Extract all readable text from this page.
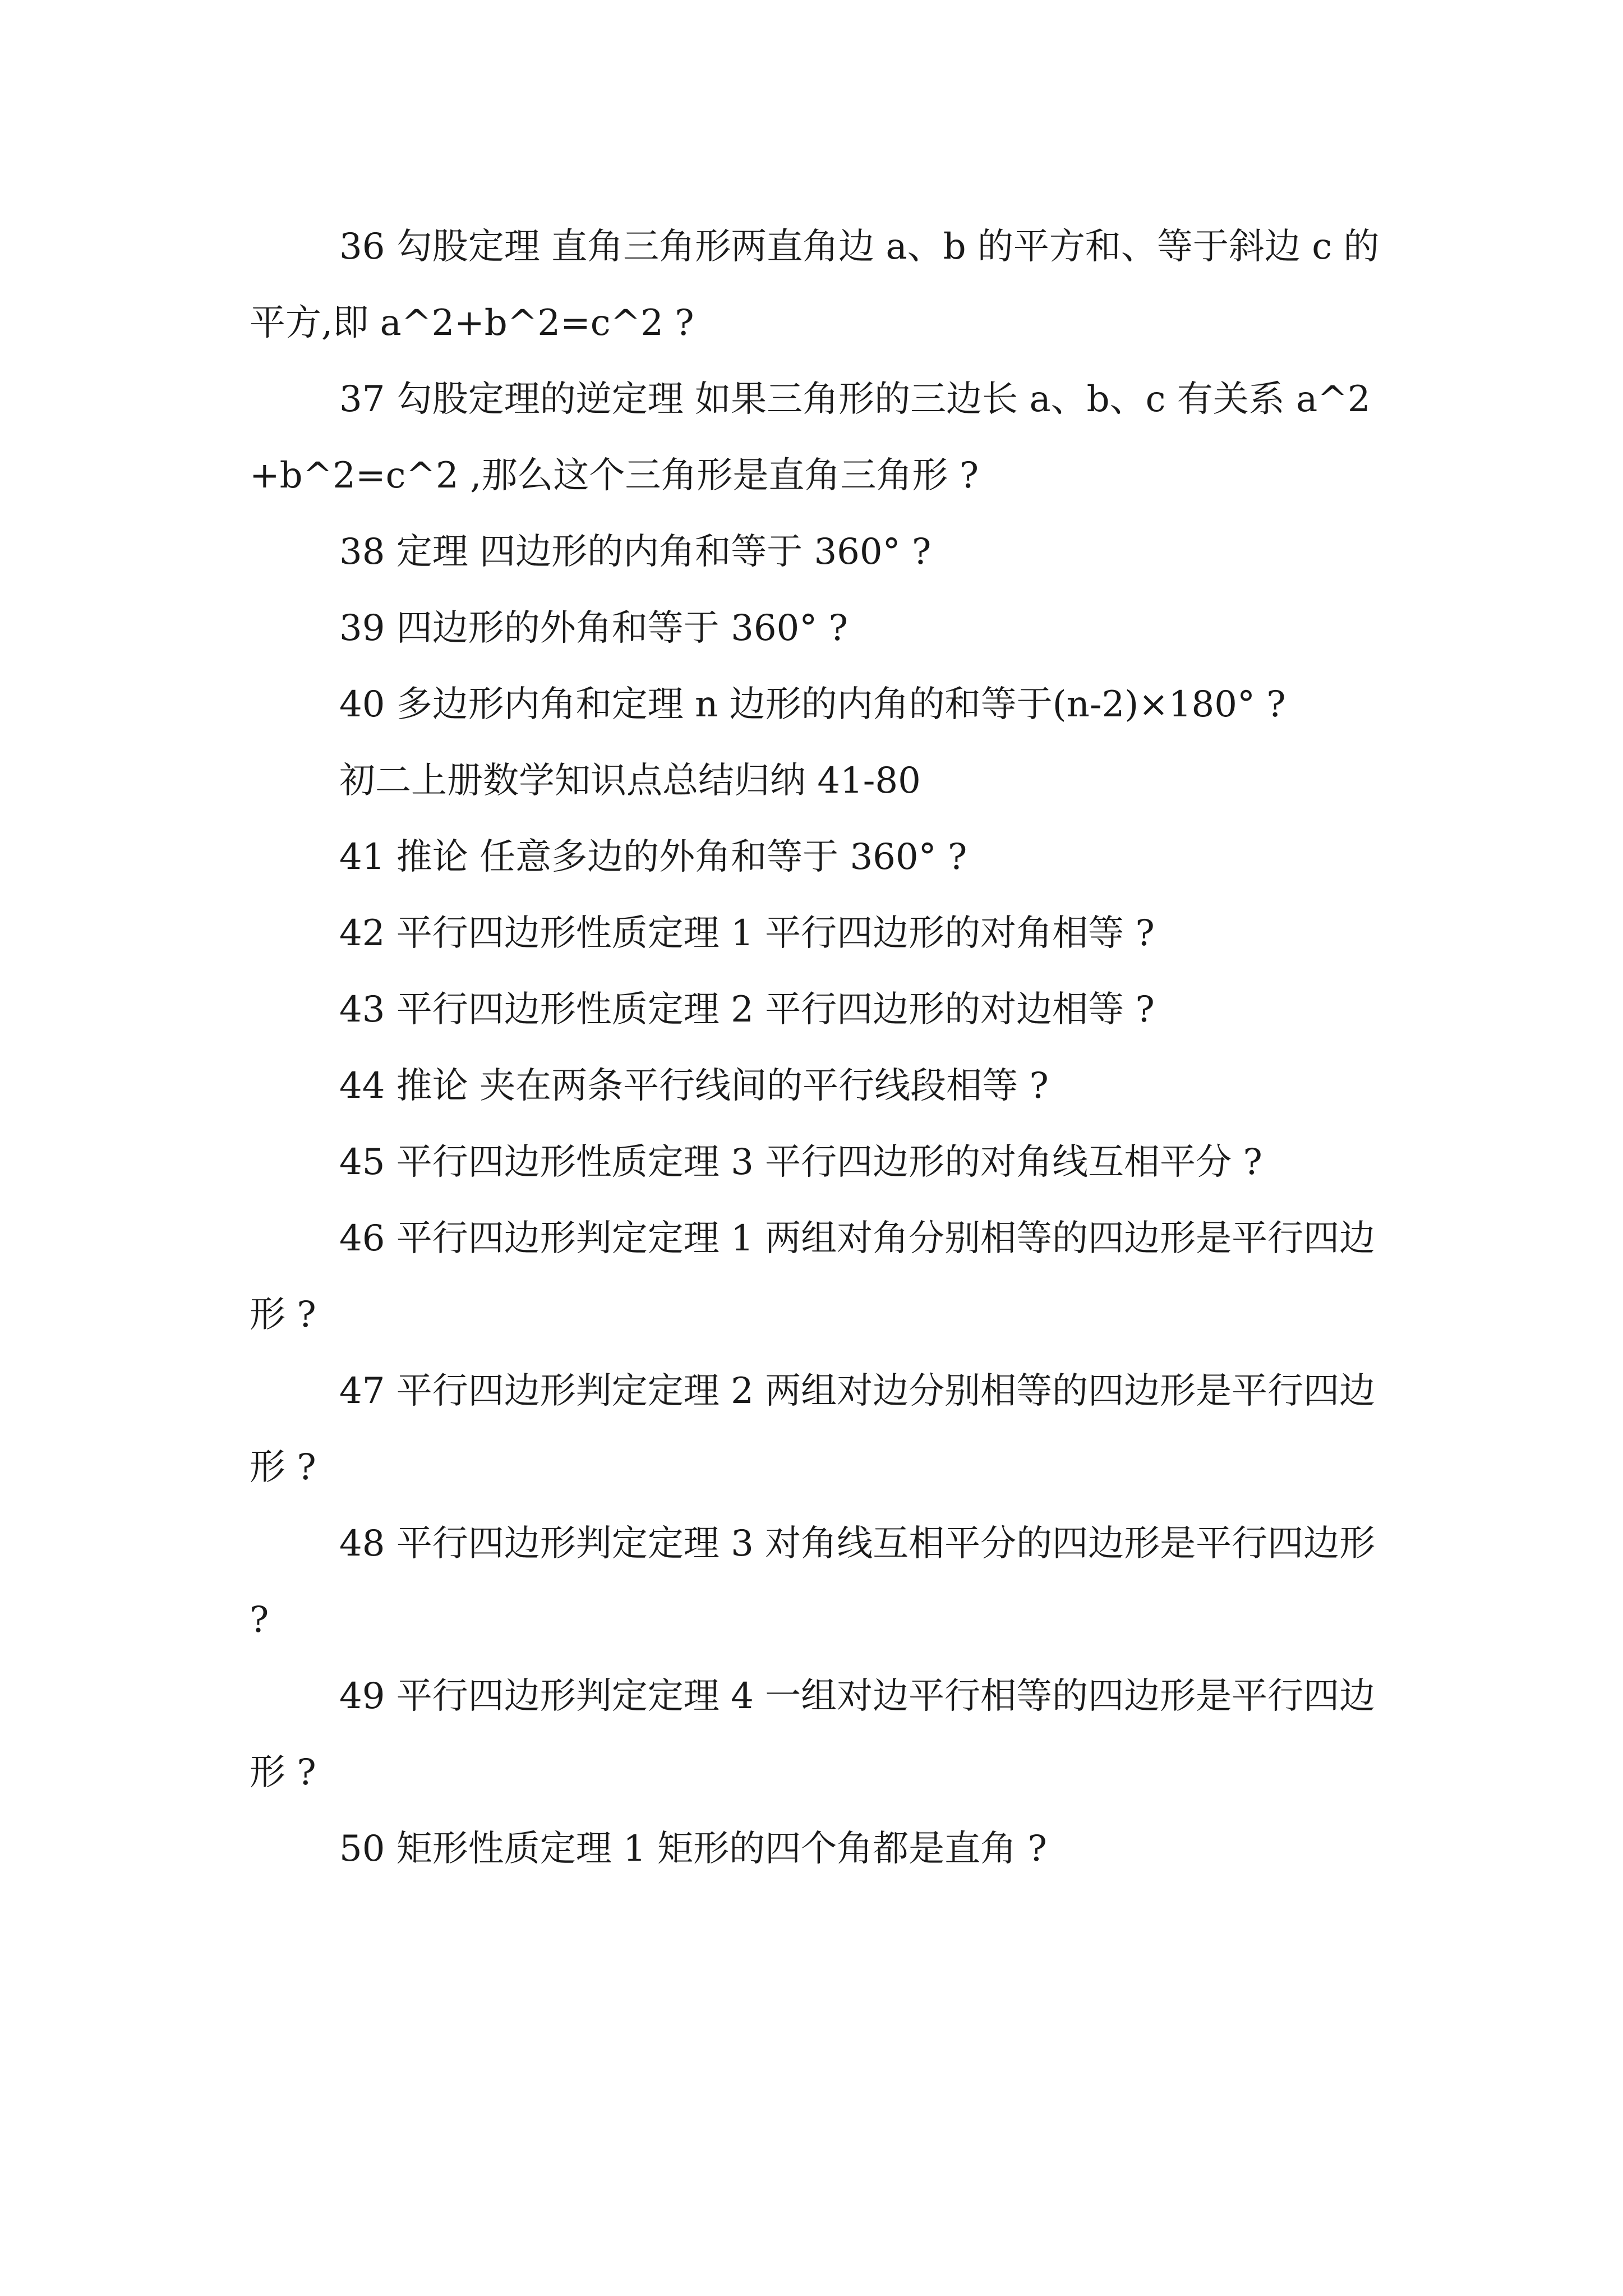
36 勾股定理 直角三角形两直角边 a、b 的平方和、等于斜边 c 的平方,即 a^2+b^2=c^2 ?

37 勾股定理的逆定理 如果三角形的三边长 a、b、c 有关系 a^2+b^2=c^2 ,那么这个三角形是直角三角形 ?

38 定理 四边形的内角和等于 360° ?

39 四边形的外角和等于 360° ?

40 多边形内角和定理 n 边形的内角的和等于(n-2)×180° ?

初二上册数学知识点总结归纳 41-80

41 推论 任意多边的外角和等于 360° ?

42 平行四边形性质定理 1 平行四边形的对角相等 ?

43 平行四边形性质定理 2 平行四边形的对边相等 ?

44 推论 夹在两条平行线间的平行线段相等 ?

45 平行四边形性质定理 3 平行四边形的对角线互相平分 ?

46 平行四边形判定定理 1 两组对角分别相等的四边形是平行四边形 ?

47 平行四边形判定定理 2 两组对边分别相等的四边形是平行四边形 ?

48 平行四边形判定定理 3 对角线互相平分的四边形是平行四边形 ?

49 平行四边形判定定理 4 一组对边平行相等的四边形是平行四边形 ?

50 矩形性质定理 1 矩形的四个角都是直角 ?
